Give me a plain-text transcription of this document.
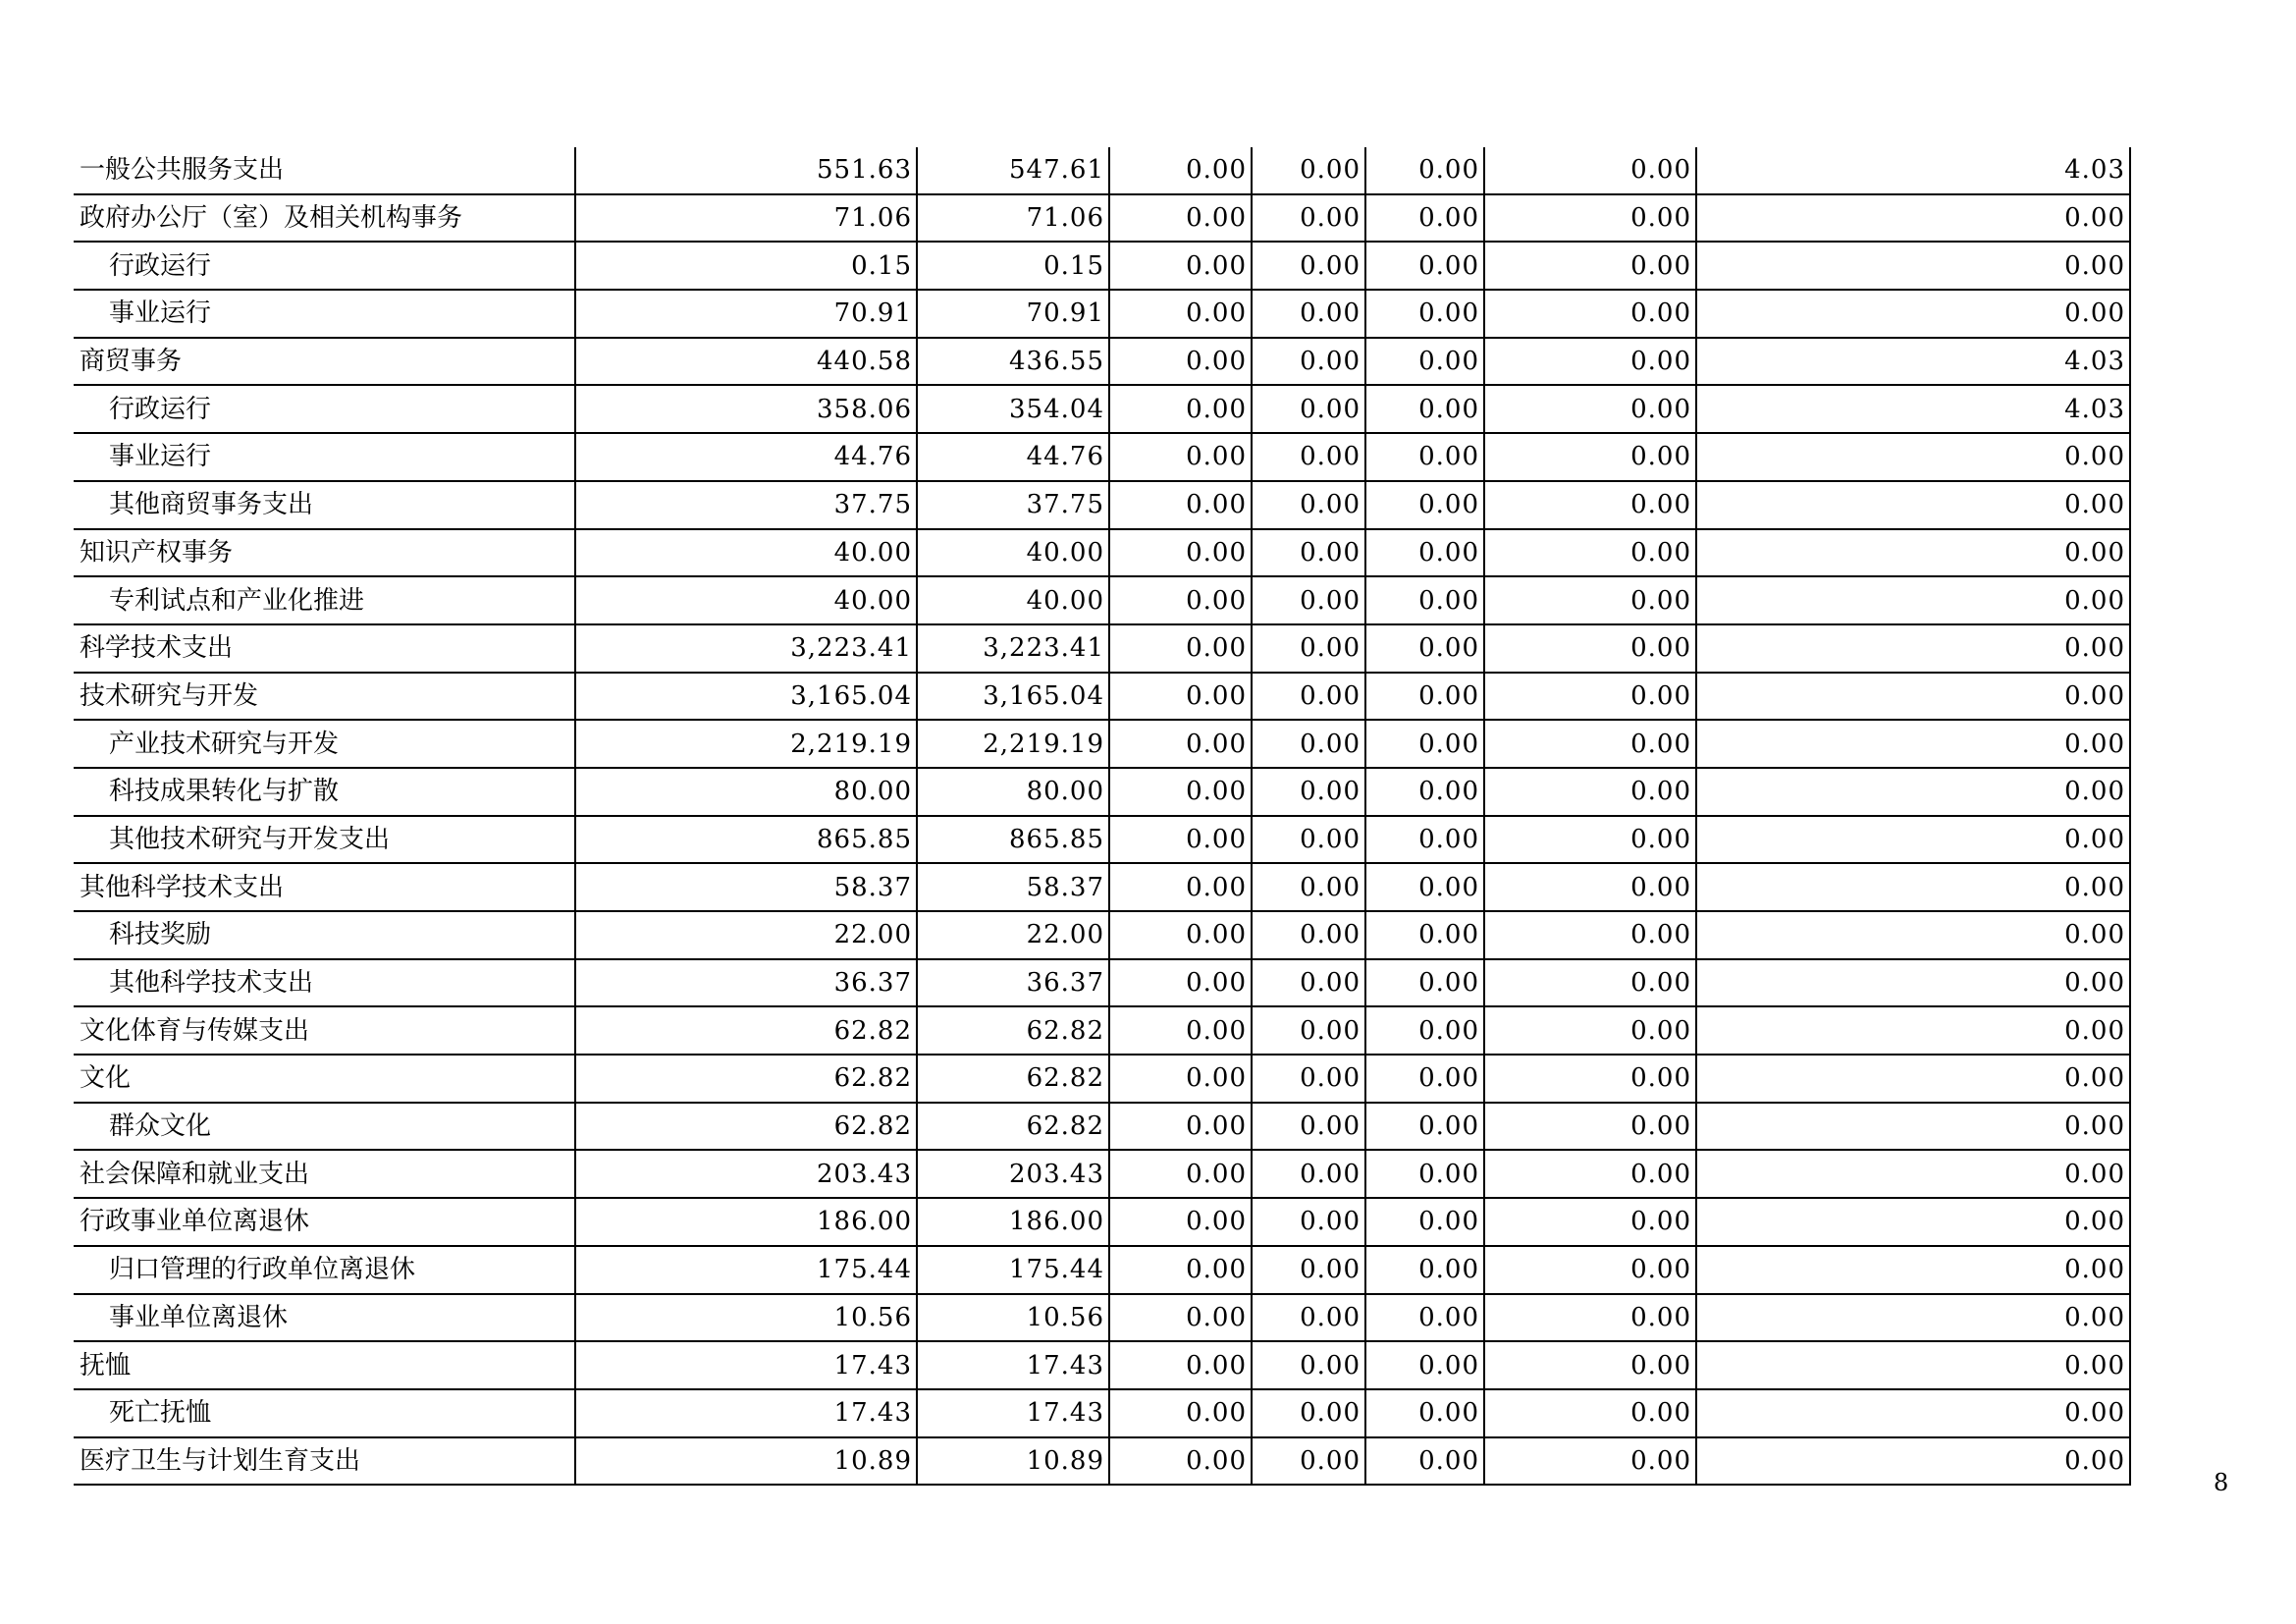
一般公共服务支出	551.63	547.61	0.00	0.00	0.00	0.00	4.03
政府办公厅（室）及相关机构事务	71.06	71.06	0.00	0.00	0.00	0.00	0.00
行政运行	0.15	0.15	0.00	0.00	0.00	0.00	0.00
事业运行	70.91	70.91	0.00	0.00	0.00	0.00	0.00
商贸事务	440.58	436.55	0.00	0.00	0.00	0.00	4.03
行政运行	358.06	354.04	0.00	0.00	0.00	0.00	4.03
事业运行	44.76	44.76	0.00	0.00	0.00	0.00	0.00
其他商贸事务支出	37.75	37.75	0.00	0.00	0.00	0.00	0.00
知识产权事务	40.00	40.00	0.00	0.00	0.00	0.00	0.00
专利试点和产业化推进	40.00	40.00	0.00	0.00	0.00	0.00	0.00
科学技术支出	3,223.41	3,223.41	0.00	0.00	0.00	0.00	0.00
技术研究与开发	3,165.04	3,165.04	0.00	0.00	0.00	0.00	0.00
产业技术研究与开发	2,219.19	2,219.19	0.00	0.00	0.00	0.00	0.00
科技成果转化与扩散	80.00	80.00	0.00	0.00	0.00	0.00	0.00
其他技术研究与开发支出	865.85	865.85	0.00	0.00	0.00	0.00	0.00
其他科学技术支出	58.37	58.37	0.00	0.00	0.00	0.00	0.00
科技奖励	22.00	22.00	0.00	0.00	0.00	0.00	0.00
其他科学技术支出	36.37	36.37	0.00	0.00	0.00	0.00	0.00
文化体育与传媒支出	62.82	62.82	0.00	0.00	0.00	0.00	0.00
文化	62.82	62.82	0.00	0.00	0.00	0.00	0.00
群众文化	62.82	62.82	0.00	0.00	0.00	0.00	0.00
社会保障和就业支出	203.43	203.43	0.00	0.00	0.00	0.00	0.00
行政事业单位离退休	186.00	186.00	0.00	0.00	0.00	0.00	0.00
归口管理的行政单位离退休	175.44	175.44	0.00	0.00	0.00	0.00	0.00
事业单位离退休	10.56	10.56	0.00	0.00	0.00	0.00	0.00
抚恤	17.43	17.43	0.00	0.00	0.00	0.00	0.00
死亡抚恤	17.43	17.43	0.00	0.00	0.00	0.00	0.00
医疗卫生与计划生育支出	10.89	10.89	0.00	0.00	0.00	0.00	0.00
8
